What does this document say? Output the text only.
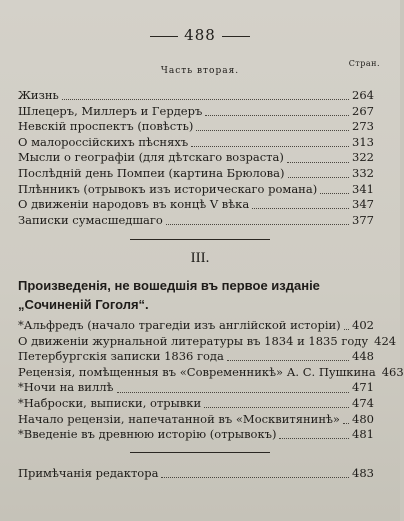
488
Стран.
Часть вторая.
Жизнь	264
Шлецеръ, Миллеръ и Гердеръ	267
Невскій проспектъ (повѣсть)	273
О малороссійскихъ пѣсняхъ	313
Мысли о географіи (для дѣтскаго возраста)	322
Послѣдній день Помпеи (картина Брюлова)	332
Плѣнникъ (отрывокъ изъ историческаго романа)	341
О движеніи народовъ въ концѣ V вѣка	347
Записки сумасшедшаго	377
III.
Произведенія, не вошедшія въ первое изданіе „Сочиненій Гоголя“.
*Альфредъ (начало трагедіи изъ англійской исторіи) 402
О движеніи журнальной литературы въ 1834 и 1835 году 424
Петербургскія записки 1836 года	448
Рецензія, помѣщенныя въ «Современникѣ» А. С. Пушкина 463
*Ночи на виллѣ	471
*Наброски, выписки, отрывки	474
Начало рецензіи, напечатанной въ «Москвитянинѣ» 480
*Введеніе въ древнюю исторію (отрывокъ)	481
Примѣчанія редактора	483
